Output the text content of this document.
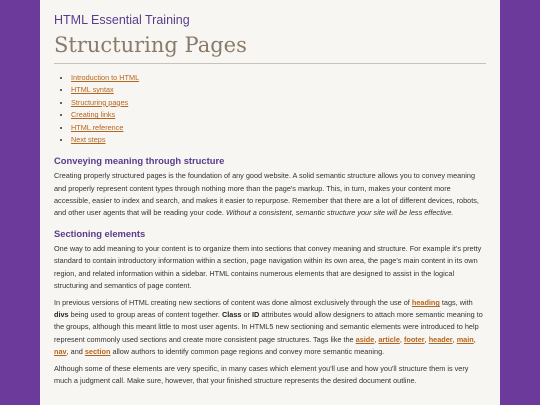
HTML Essential Training
Structuring Pages
• Introduction to HTML
• HTML syntax
• Structuring pages
• Creating links
• HTML reference
• Next steps
Conveying meaning through structure

Creating properly structured pages is the foundation of any good website. A solid semantic structure allows you to convey meaning and properly represent content types through nothing more than the page's markup. This, in turn, makes your content more accessible, easier to index and search, and makes it easier to repurpose. Remember that there are a lot of different devices, robots, and other user agents that will be reading your code. Without a consistent, semantic structure your site will be less effective.

Sectioning elements

One way to add meaning to your content is to organize them into sections that convey meaning and structure. For example it's pretty standard to contain introductory information within a section, page navigation within its own area, the page's main content in its own region, and related information within a sidebar. HTML contains numerous elements that are designed to assist in the logical structuring and semantics of page content.

In previous versions of HTML creating new sections of content was done almost exclusively through the use of heading tags, with divs being used to group areas of content together. Class or ID attributes would allow designers to attach more semantic meaning to the groups, although this meant little to most user agents. In HTML5 new sectioning and semantic elements were introduced to help represent commonly used sections and create more consistent page structures. Tags like the aside, article, footer, header, main, nav, and section allow authors to identify common page regions and convey more semantic meaning.

Although some of these elements are very specific, in many cases which element you'll use and how you'll structure them is very much a judgment call. Make sure, however, that your finished structure represents the desired document outline.
